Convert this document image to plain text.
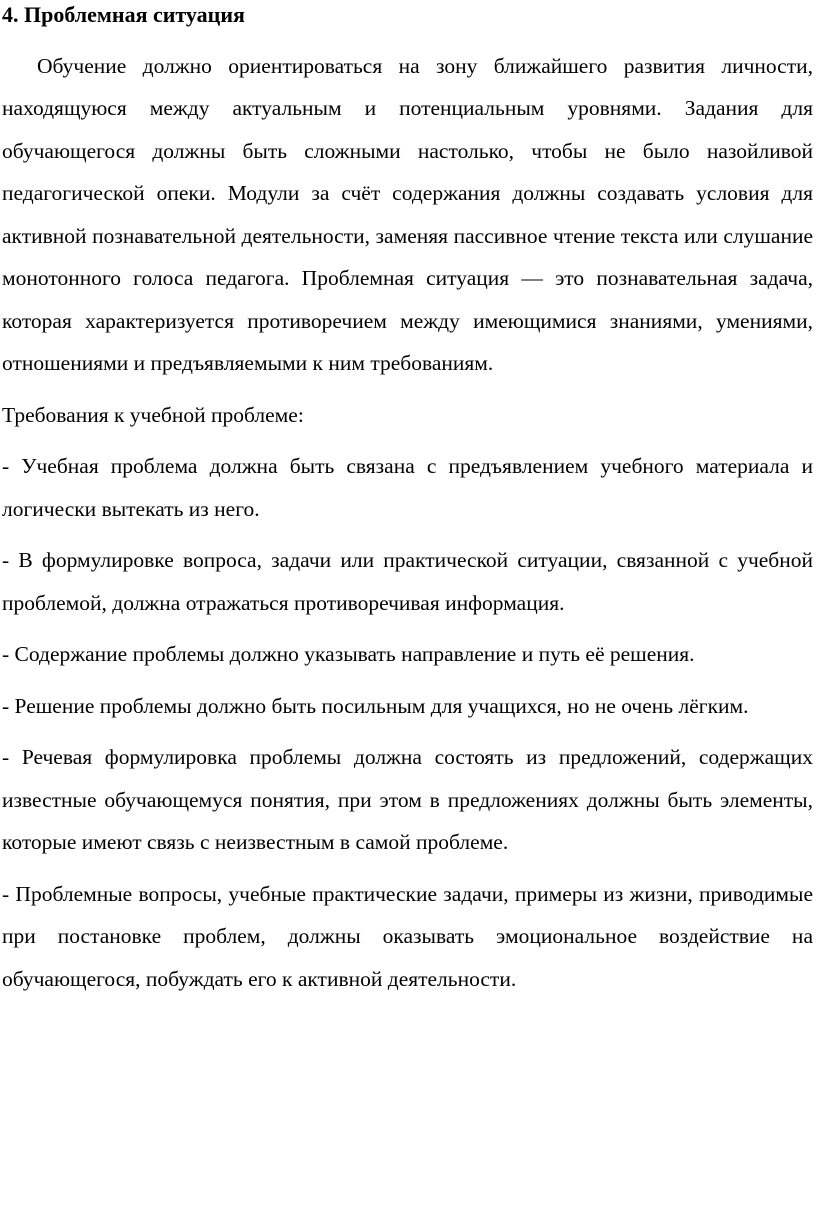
4. Проблемная ситуация

Обучение должно ориентироваться на зону ближайшего развития личности, находящуюся между актуальным и потенциальным уровнями. Задания для обучающегося должны быть сложными настолько, чтобы не было назойливой педагогической опеки. Модули за счёт содержания должны создавать условия для активной познавательной деятельности, заменяя пассивное чтение текста или слушание монотонного голоса педагога. Проблемная ситуация — это познавательная задача, которая характеризуется противоречием между имеющимися знаниями, умениями, отношениями и предъявляемыми к ним требованиям.

Требования к учебной проблеме:

- Учебная проблема должна быть связана с предъявлением учебного материала и логически вытекать из него.

- В формулировке вопроса, задачи или практической ситуации, связанной с учебной проблемой, должна отражаться противоречивая информация.

- Содержание проблемы должно указывать направление и путь её решения.

- Решение проблемы должно быть посильным для учащихся, но не очень лёгким.

- Речевая формулировка проблемы должна состоять из предложений, содержащих известные обучающемуся понятия, при этом в предложениях должны быть элементы, которые имеют связь с неизвестным в самой проблеме.

- Проблемные вопросы, учебные практические задачи, примеры из жизни, приводимые при постановке проблем, должны оказывать эмоциональное воздействие на обучающегося, побуждать его к активной деятельности.
